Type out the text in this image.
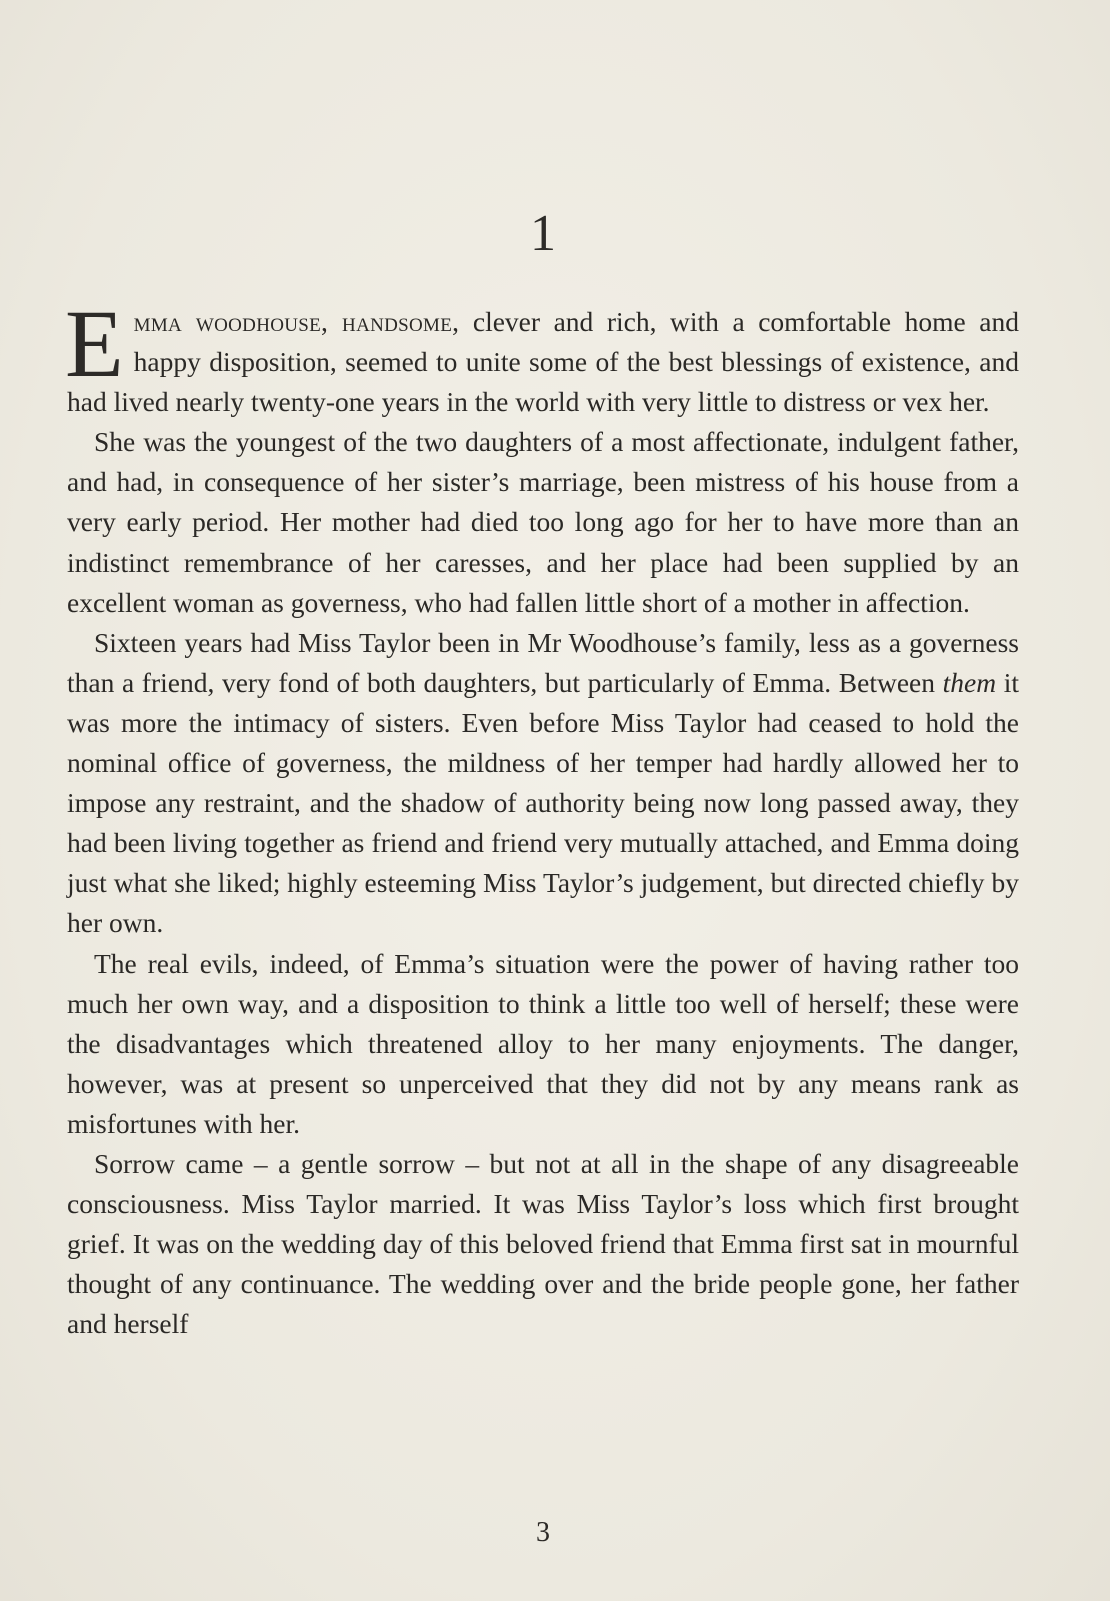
1

Emma woodhouse, handsome, clever and rich, with a comfortable home and happy disposition, seemed to unite some of the best blessings of existence, and had lived nearly twenty-one years in the world with very little to distress or vex her.

She was the youngest of the two daughters of a most affectionate, indulgent father, and had, in consequence of her sister’s marriage, been mistress of his house from a very early period. Her mother had died too long ago for her to have more than an indistinct remembrance of her caresses, and her place had been supplied by an excellent woman as governess, who had fallen little short of a mother in affection.

Sixteen years had Miss Taylor been in Mr Woodhouse’s family, less as a governess than a friend, very fond of both daughters, but particularly of Emma. Between them it was more the intimacy of sisters. Even before Miss Taylor had ceased to hold the nominal office of governess, the mildness of her temper had hardly allowed her to impose any restraint, and the shadow of authority being now long passed away, they had been living together as friend and friend very mutually attached, and Emma doing just what she liked; highly esteeming Miss Taylor’s judgement, but directed chiefly by her own.

The real evils, indeed, of Emma’s situation were the power of having rather too much her own way, and a disposition to think a little too well of herself; these were the disadvantages which threatened alloy to her many enjoyments. The danger, however, was at present so unperceived that they did not by any means rank as misfortunes with her.

Sorrow came – a gentle sorrow – but not at all in the shape of any disagreeable consciousness. Miss Taylor married. It was Miss Taylor’s loss which first brought grief. It was on the wedding day of this beloved friend that Emma first sat in mournful thought of any continuance. The wedding over and the bride people gone, her father and herself

3
